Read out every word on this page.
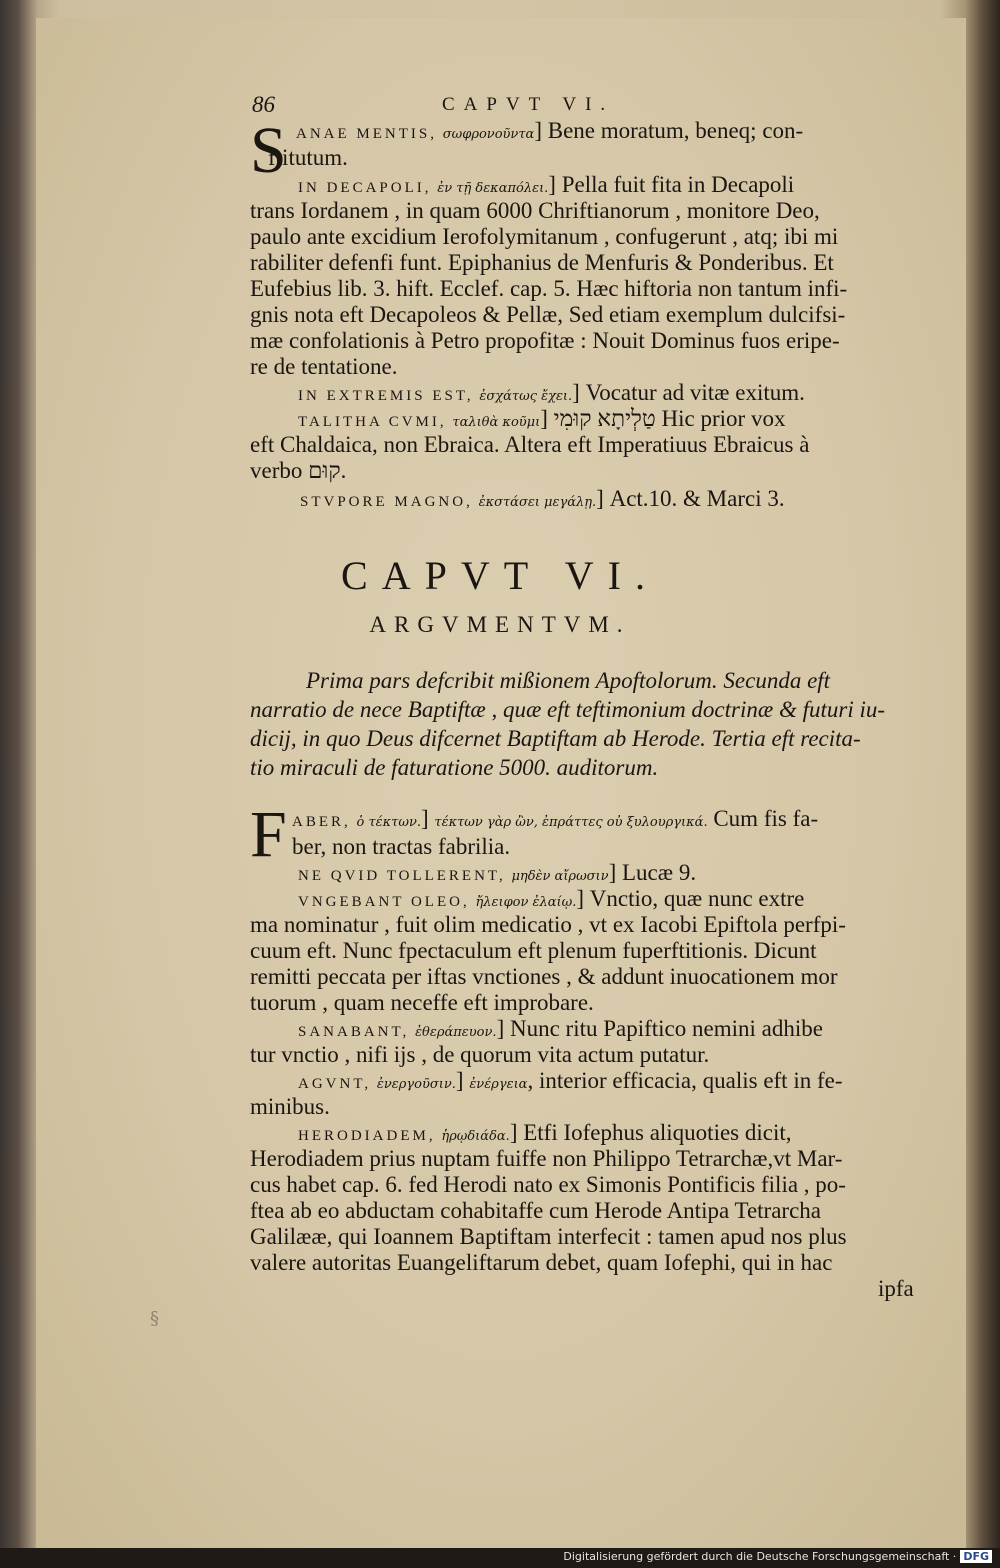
86	CAPVT VI.
S ANAE MENTIS, σωφρονοῦντα] Bene moratum, beneq; con-
ftitutum.
IN DECAPOLI, ἐν τῇ δεκαπόλει.] Pella fuit fita in Decapoli
trans Iordanem , in quam 6000 Chriftianorum , monitore Deo,
paulo ante excidium Ierofolymitanum , confugerunt , atq; ibi mi
rabiliter defenfi funt. Epiphanius de Menfuris & Ponderibus. Et
Eufebius lib. 3. hift. Ecclef. cap. 5. Hæc hiftoria non tantum infi-
gnis nota eft Decapoleos & Pellæ, Sed etiam exemplum dulcifsi-
mæ confolationis à Petro propofitæ : Nouit Dominus fuos eripe-
re de tentatione.
IN EXTREMIS EST, ἐσχάτως ἔχει.] Vocatur ad vitæ exitum.
TALITHA CVMI, ταλιθὰ κοῦμι] טַלְיתָא קוּמִי Hic prior vox
eft Chaldaica, non Ebraica. Altera eft Imperatiuus Ebraicus à
verbo קוּם.
STVPORE MAGNO, ἐκστάσει μεγάλῃ.] Act.10. & Marci 3.
CAPVT VI.
ARGVMENTVM.
Prima pars defcribit mißionem Apoftolorum. Secunda eft
narratio de nece Baptiftæ , quæ eft teftimonium doctrinæ & futuri iu-
dicij, in quo Deus difcernet Baptiftam ab Herode. Tertia eft recita-
tio miraculi de faturatione 5000. auditorum.
F ABER, ὁ τέκτων.] τέκτων γὰρ ὢν, ἐπράττες οὐ ξυλουργικά. Cum fis fa-
ber, non tractas fabrilia.
NE QVID TOLLERENT, μηδὲν αἴρωσιν] Lucæ 9.
VNGEBANT OLEO, ἤλειφον ἐλαίῳ.] Vnctio, quæ nunc extre
ma nominatur , fuit olim medicatio , vt ex Iacobi Epiftola perfpi-
cuum eft. Nunc fpectaculum eft plenum fuperftitionis. Dicunt
remitti peccata per iftas vnctiones , & addunt inuocationem mor
tuorum , quam neceffe eft improbare.
SANABANT, ἐθεράπευον.] Nunc ritu Papiftico nemini adhibe
tur vnctio , nifi ijs , de quorum vita actum putatur.
AGVNT, ἐνεργοῦσιν.] ἐνέργεια, interior efficacia, qualis eft in fe-
minibus.
HERODIADEM, ἡρῳδιάδα.] Etfi Iofephus aliquoties dicit,
Herodiadem prius nuptam fuiffe non Philippo Tetrarchæ,vt Mar-
cus habet cap. 6. fed Herodi nato ex Simonis Pontificis filia , po-
ftea ab eo abductam cohabitaffe cum Herode Antipa Tetrarcha
Galilææ, qui Ioannem Baptiftam interfecit : tamen apud nos plus
valere autoritas Euangeliftarum debet, quam Iofephi, qui in hac
ipfa
§
Digitalisierung gefördert durch die Deutsche Forschungsgemeinschaft · DFG
